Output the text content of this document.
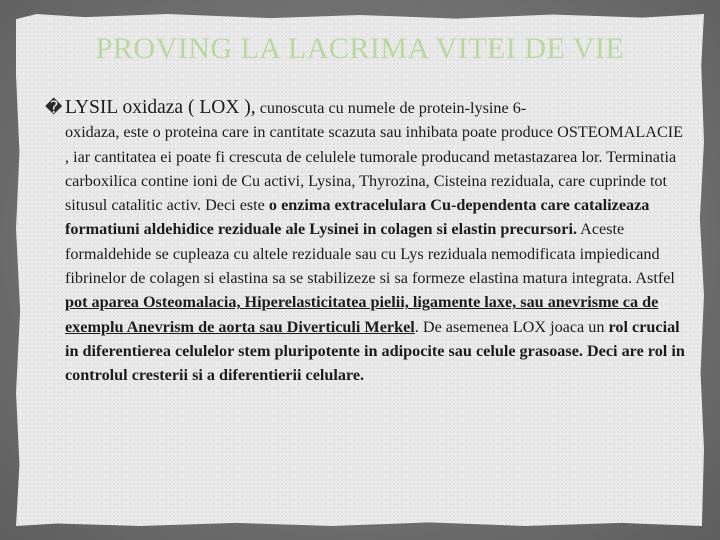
PROVING LA LACRIMA VITEI DE VIE

� LYSIL oxidaza ( LOX ), cunoscuta cu numele de protein-lysine 6-

oxidaza, este o proteina care in cantitate scazuta sau inhibata poate produce OSTEOMALACIE , iar cantitatea ei poate fi crescuta de celulele tumorale producand metastazarea lor. Terminatia carboxilica contine ioni de Cu activi, Lysina, Thyrozina, Cisteina reziduala, care cuprinde tot situsul catalitic activ. Deci este o enzima extracelulara Cu-dependenta care catalizeaza formatiuni aldehidice reziduale ale Lysinei in colagen si elastin precursori. Aceste formaldehide se cupleaza cu altele reziduale sau cu Lys reziduala nemodificata impiedicand fibrinelor de colagen si elastina sa se stabilizeze si sa formeze elastina matura integrata. Astfel pot aparea Osteomalacia, Hiperelasticitatea pielii, ligamente laxe, sau anevrisme ca de exemplu Anevrism de aorta sau Diverticuli Merkel. De asemenea LOX joaca un rol crucial in diferentierea celulelor stem pluripotente in adipocite sau celule grasoase. Deci are rol in controlul cresterii si a diferentierii celulare.
